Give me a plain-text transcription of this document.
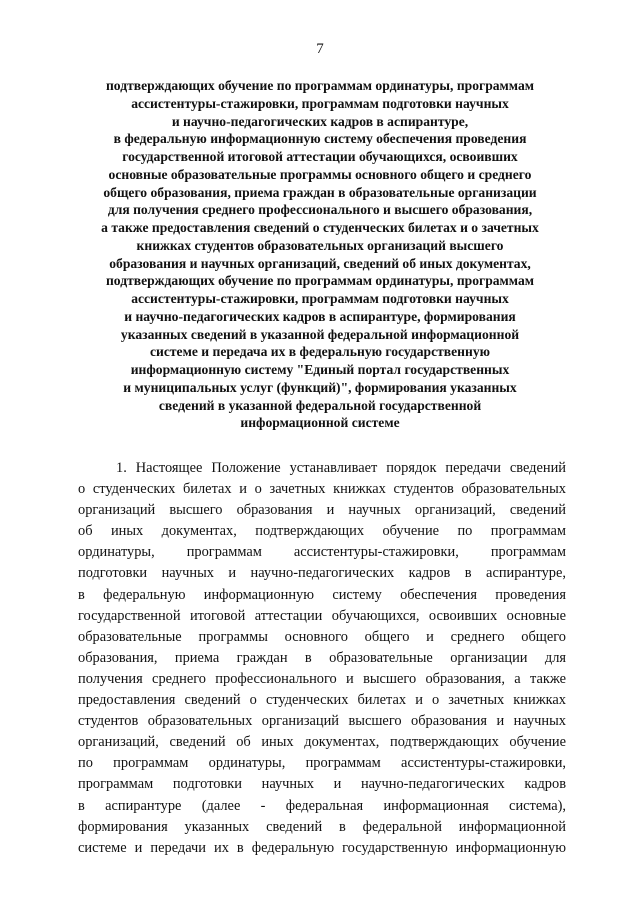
7
подтверждающих обучение по программам ординатуры, программам
ассистентуры-стажировки, программам подготовки научных
и научно-педагогических кадров в аспирантуре,
в федеральную информационную систему обеспечения проведения
государственной итоговой аттестации обучающихся, освоивших
основные образовательные программы основного общего и среднего
общего образования, приема граждан в образовательные организации
для получения среднего профессионального и высшего образования,
а также предоставления сведений о студенческих билетах и о зачетных
книжках студентов образовательных организаций высшего
образования и научных организаций, сведений об иных документах,
подтверждающих обучение по программам ординатуры, программам
ассистентуры-стажировки, программам подготовки научных
и научно-педагогических кадров в аспирантуре, формирования
указанных сведений в указанной федеральной информационной
системе и передача их в федеральную государственную
информационную систему "Единый портал государственных
и муниципальных услуг (функций)", формирования указанных
сведений в указанной федеральной государственной
информационной системе
1. Настоящее Положение устанавливает порядок передачи сведений
о студенческих билетах и о зачетных книжках студентов образовательных
организаций высшего образования и научных организаций, сведений
об иных документах, подтверждающих обучение по программам
ординатуры, программам ассистентуры-стажировки, программам
подготовки научных и научно-педагогических кадров в аспирантуре,
в федеральную информационную систему обеспечения проведения
государственной итоговой аттестации обучающихся, освоивших основные
образовательные программы основного общего и среднего общего
образования, приема граждан в образовательные организации для
получения среднего профессионального и высшего образования, а также
предоставления сведений о студенческих билетах и о зачетных книжках
студентов образовательных организаций высшего образования и научных
организаций, сведений об иных документах, подтверждающих обучение
по программам ординатуры, программам ассистентуры-стажировки,
программам подготовки научных и научно-педагогических кадров
в аспирантуре (далее - федеральная информационная система),
формирования указанных сведений в федеральной информационной
системе и передачи их в федеральную государственную информационную
